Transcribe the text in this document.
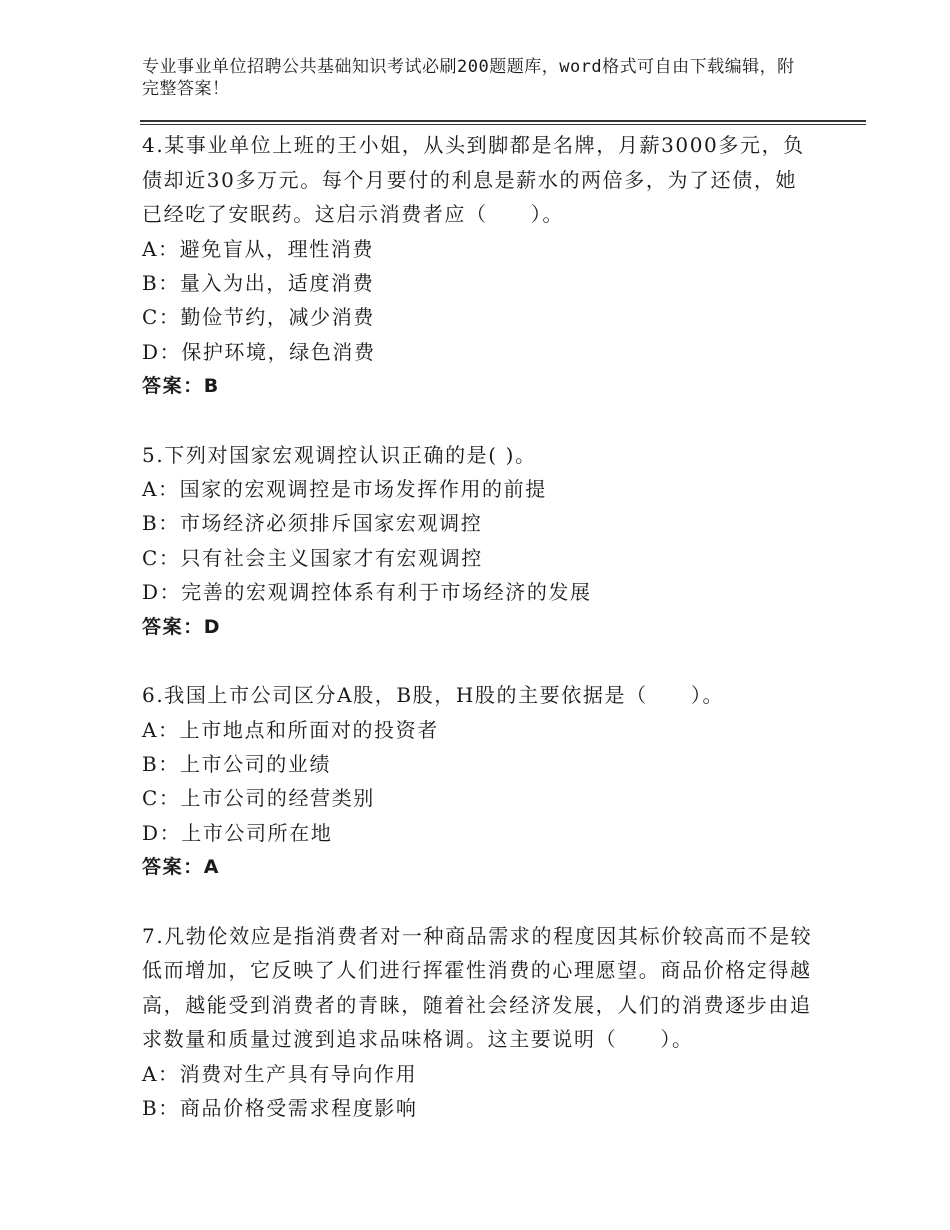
专业事业单位招聘公共基础知识考试必刷200题题库，word格式可自由下载编辑，附完整答案！
4.某事业单位上班的王小姐，从头到脚都是名牌，月薪3000多元，负债却近30多万元。每个月要付的利息是薪水的两倍多，为了还债，她已经吃了安眠药。这启示消费者应（　　）。
A：避免盲从，理性消费
B：量入为出，适度消费
C：勤俭节约，减少消费
D：保护环境，绿色消费
答案：B
5.下列对国家宏观调控认识正确的是( )。
A：国家的宏观调控是市场发挥作用的前提
B：市场经济必须排斥国家宏观调控
C：只有社会主义国家才有宏观调控
D：完善的宏观调控体系有利于市场经济的发展
答案：D
6.我国上市公司区分A股，B股，H股的主要依据是（　　）。
A：上市地点和所面对的投资者
B：上市公司的业绩
C：上市公司的经营类别
D：上市公司所在地
答案：A
7.凡勃伦效应是指消费者对一种商品需求的程度因其标价较高而不是较低而增加，它反映了人们进行挥霍性消费的心理愿望。商品价格定得越高，越能受到消费者的青睐，随着社会经济发展，人们的消费逐步由追求数量和质量过渡到追求品味格调。这主要说明（　　）。
A：消费对生产具有导向作用
B：商品价格受需求程度影响
